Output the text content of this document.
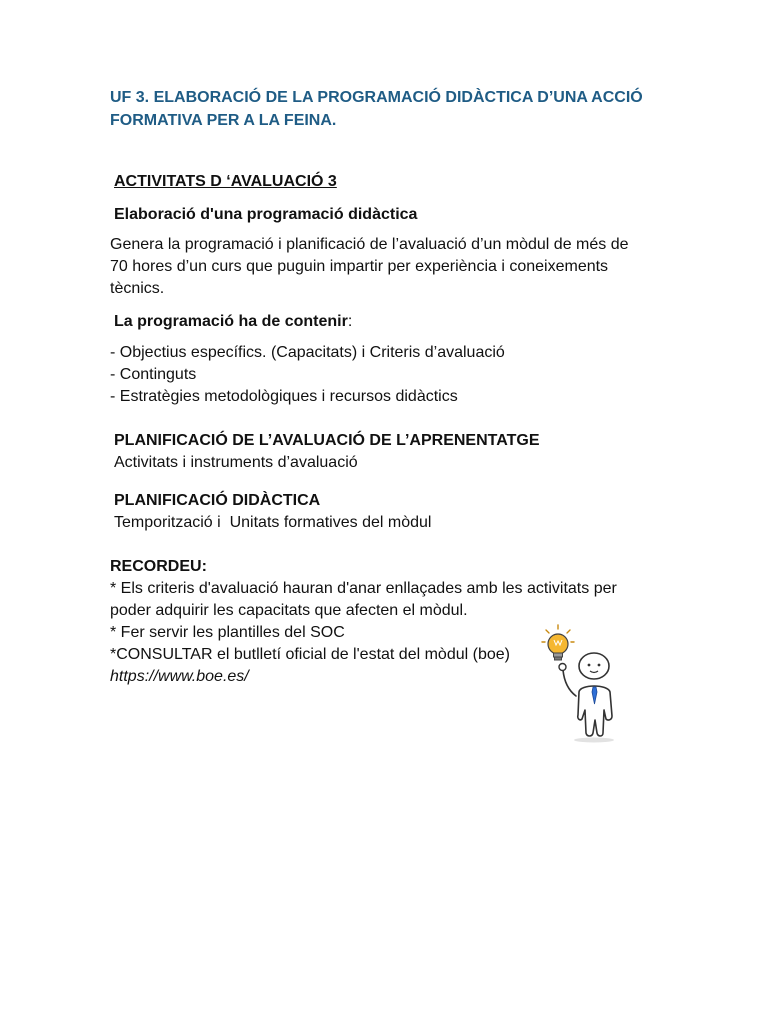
UF 3. ELABORACIÓ DE LA PROGRAMACIÓ DIDÀCTICA D’UNA ACCIÓ FORMATIVA PER A LA FEINA.
ACTIVITATS D ‘AVALUACIÓ 3
Elaboració d'una programació didàctica
Genera la programació i planificació de l’avaluació d’un mòdul de més de
70 hores d’un curs que puguin impartir per experiència i coneixements
tècnics.
La programació ha de contenir:
- Objectius específics. (Capacitats) i Criteris d’avaluació
- Continguts
- Estratègies metodològiques i recursos didàctics
PLANIFICACIÓ DE L’AVALUACIÓ DE L’APRENENTATGE
Activitats i instruments d’avaluació
PLANIFICACIÓ DIDÀCTICA
Temporització i  Unitats formatives del mòdul
RECORDEU:
* Els criteris d'avaluació hauran d'anar enllaçades amb les activitats per
poder adquirir les capacitats que afecten el mòdul.
* Fer servir les plantilles del SOC
*CONSULTAR el butlletí oficial de l'estat del mòdul (boe)
https://www.boe.es/
